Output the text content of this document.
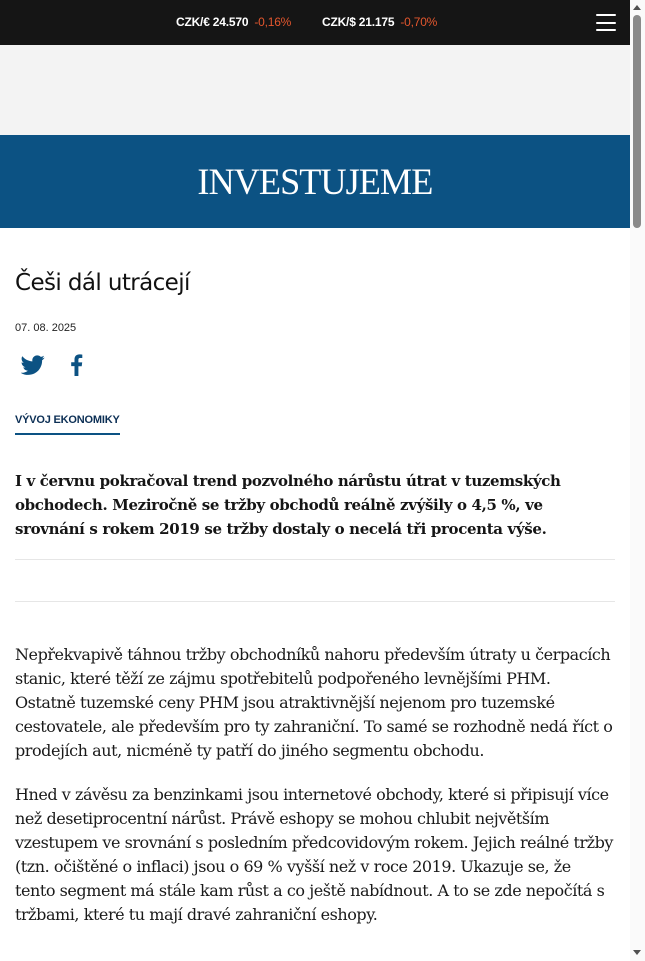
CZK/€ 24.570 -0,16%	CZK/$ 21.175 -0,70%
INVESTUJEME
Češi dál utrácejí
07. 08. 2025
VÝVOJ EKONOMIKY

I v červnu pokračoval trend pozvolného nárůstu útrat v tuzemských obchodech. Meziročně se tržby obchodů reálně zvýšily o 4,5 %, ve srovnání s rokem 2019 se tržby dostaly o necelá tři procenta výše.

Nepřekvapivě táhnou tržby obchodníků nahoru především útraty u čerpacích stanic, které těží ze zájmu spotřebitelů podpořeného levnějšími PHM. Ostatně tuzemské ceny PHM jsou atraktivnější nejenom pro tuzemské cestovatele, ale především pro ty zahraniční. To samé se rozhodně nedá říct o prodejích aut, nicméně ty patří do jiného segmentu obchodu.

Hned v závěsu za benzinkami jsou internetové obchody, které si připisují více než desetiprocentní nárůst. Právě eshopy se mohou chlubit největším vzestupem ve srovnání s posledním předcovidovým rokem. Jejich reálné tržby (tzn. očištěné o inflaci) jsou o 69 % vyšší než v roce 2019. Ukazuje se, že tento segment má stále kam růst a co ještě nabídnout. A to se zde nepočítá s tržbami, které tu mají dravé zahraniční eshopy.
